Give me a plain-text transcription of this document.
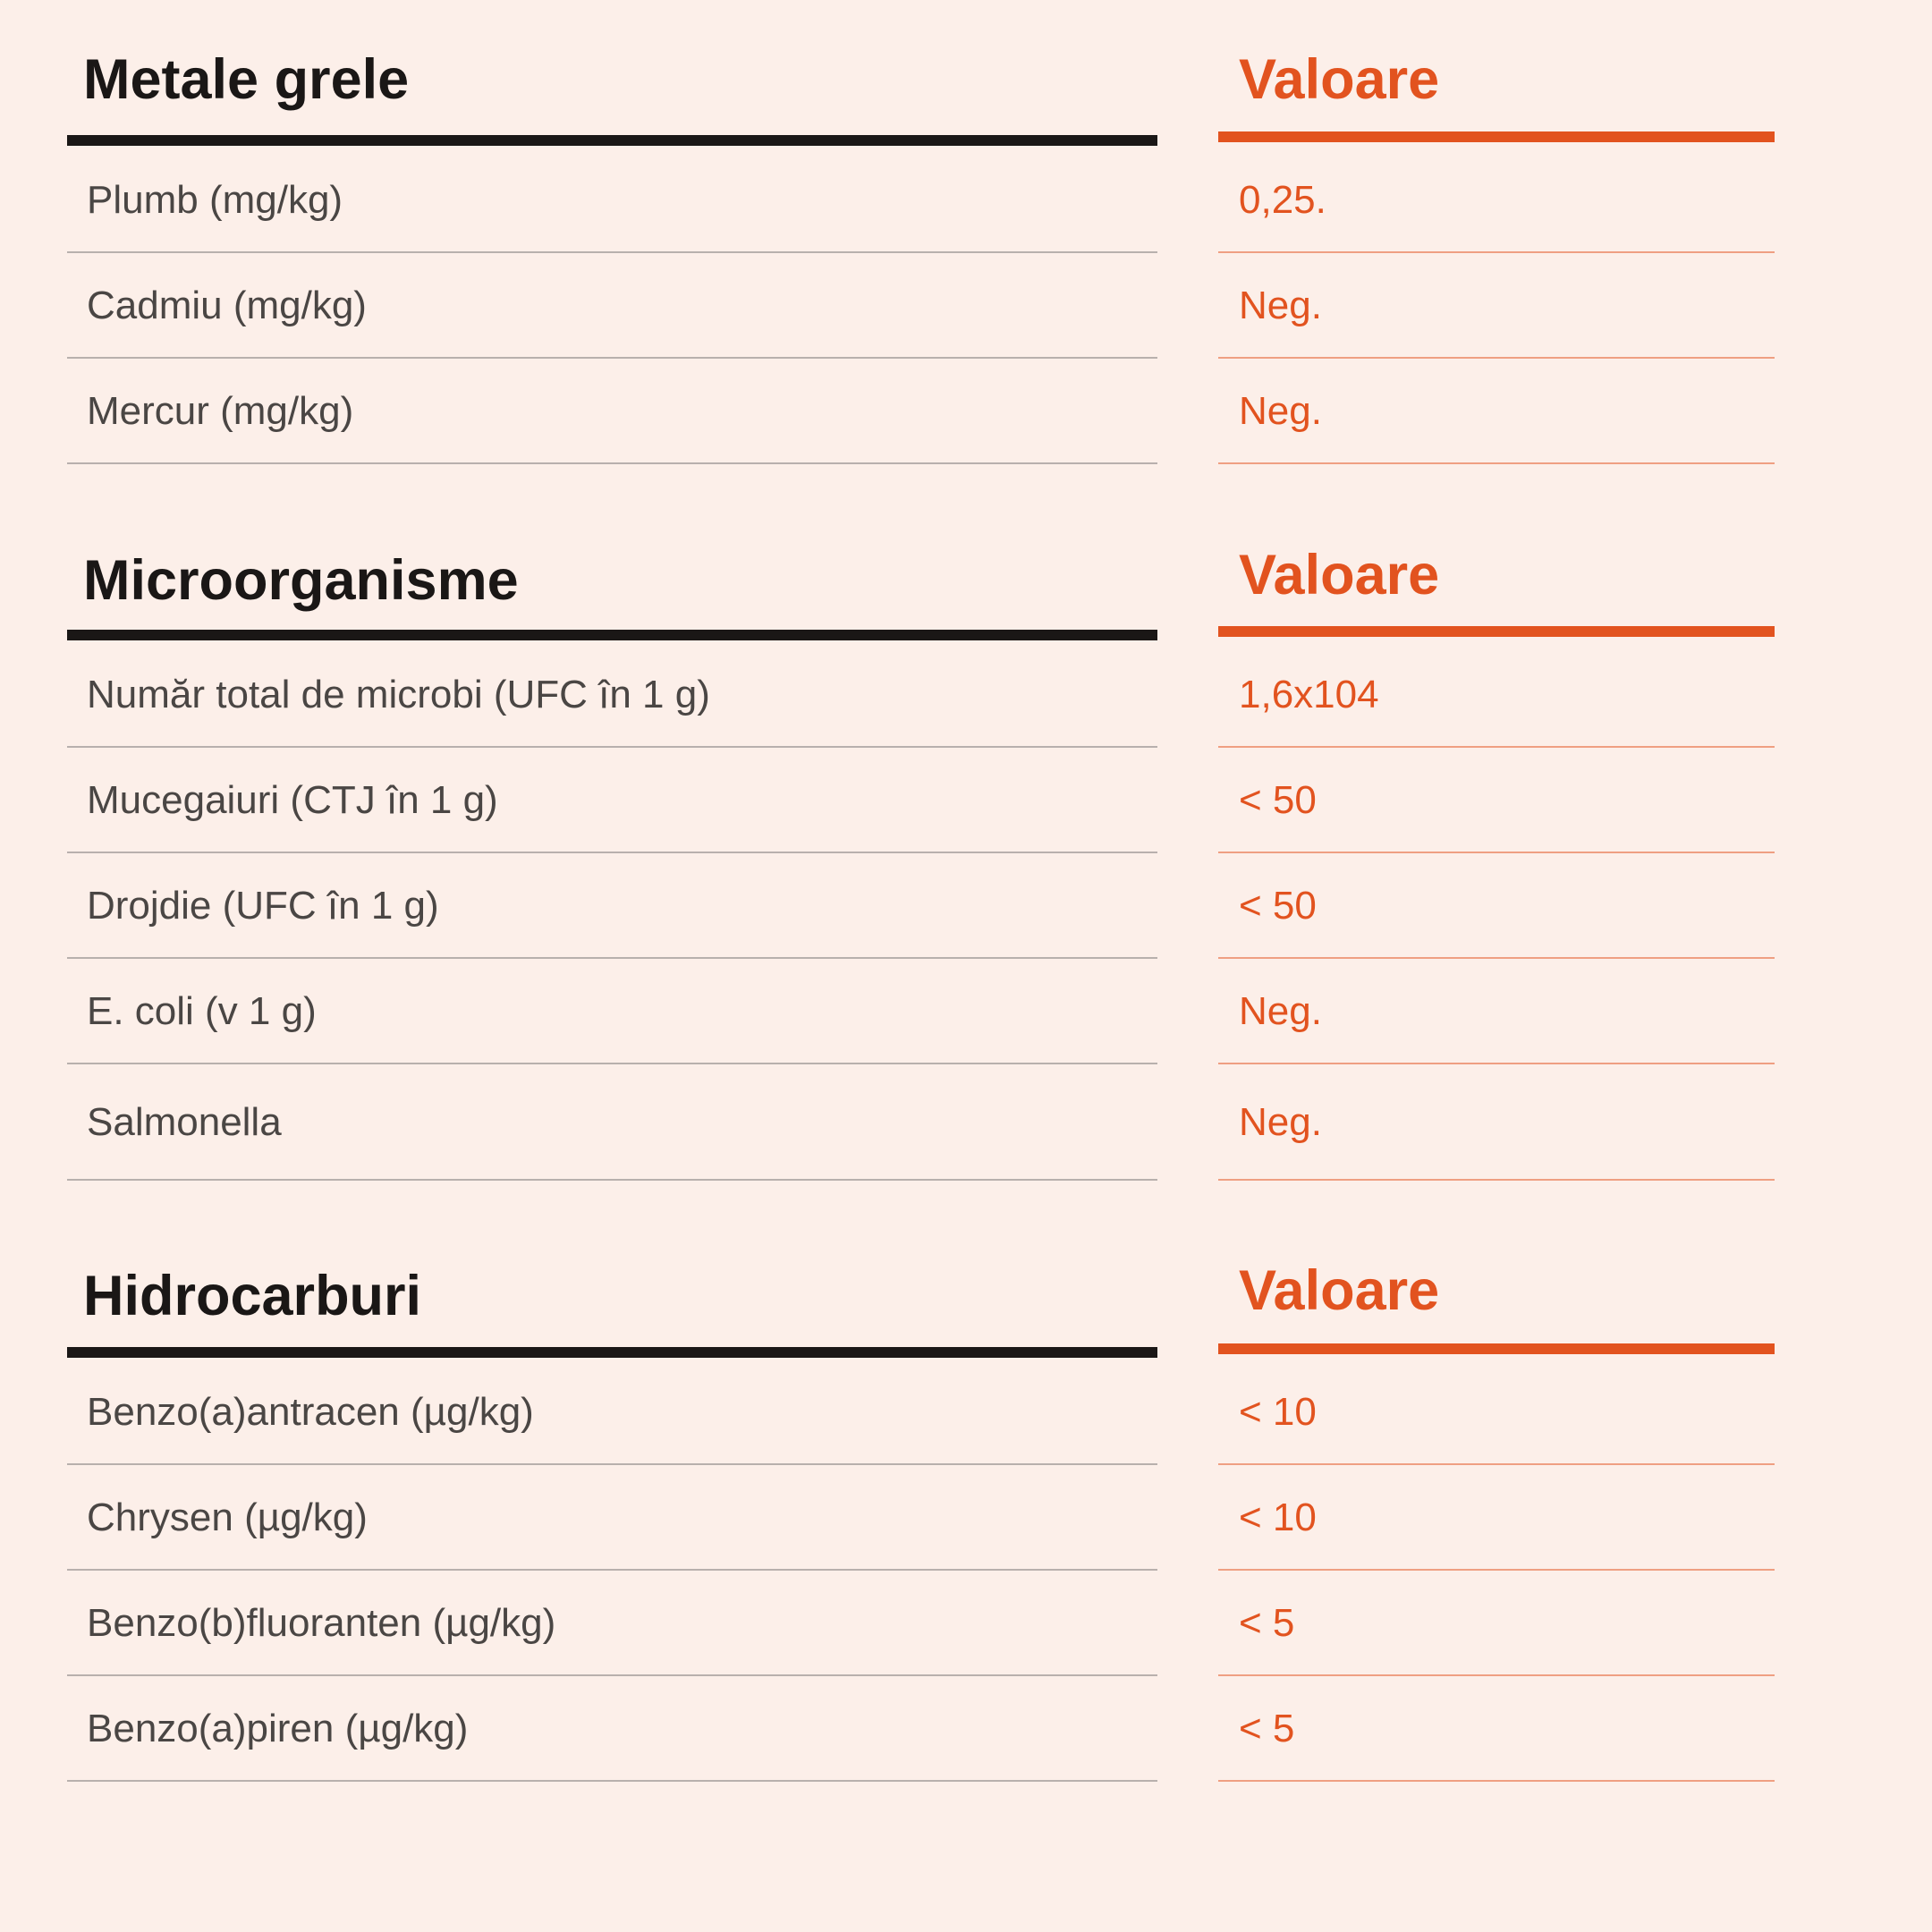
Metale grele	Valoare
Plumb (mg/kg)	0,25.
Cadmiu (mg/kg)	Neg.
Mercur (mg/kg)	Neg.
Microorganisme	Valoare
Număr total de microbi (UFC în 1 g)	1,6x104
Mucegaiuri (CTJ în 1 g)	< 50
Drojdie (UFC în 1 g)	< 50
E. coli (v 1 g)	Neg.
Salmonella	Neg.
Hidrocarburi	Valoare
Benzo(a)antracen (µg/kg)	< 10
Chrysen (µg/kg)	< 10
Benzo(b)fluoranten (µg/kg)	< 5
Benzo(a)piren (µg/kg)	< 5
